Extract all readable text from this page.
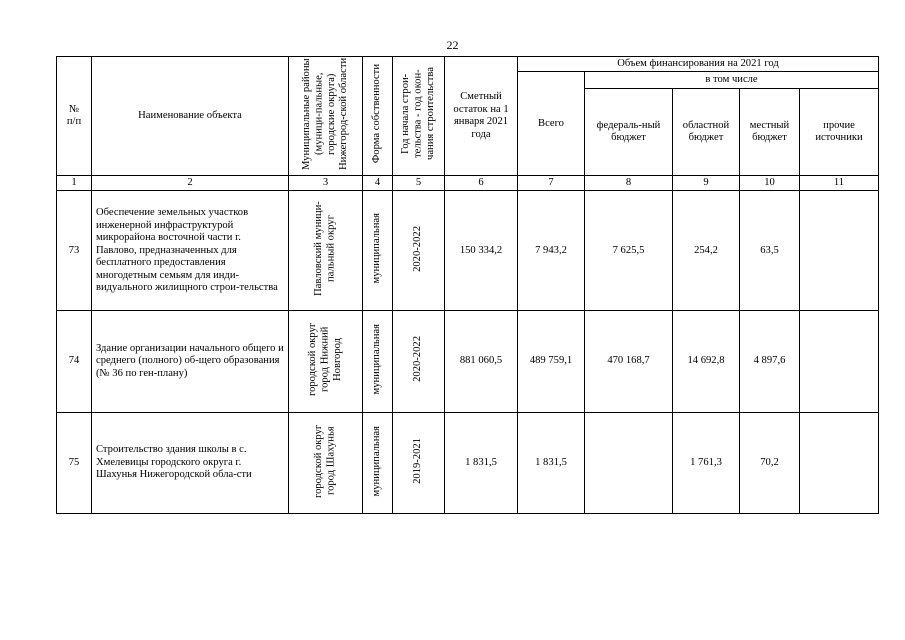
22
№
п/п	Наименование объекта	Муниципальные районы (муници-пальные, городские округа) Нижегород-ской области	Форма собственности	Год начала строи-тельства - год окон-чания строительства	Сметный остаток на 1 января 2021 года	Объем финансирования на 2021 год				
						Всего	в том числе			
							федераль-ный бюджет	областной бюджет	местный бюджет	прочие источники
1	2	3	4	5	6	7	8	9	10	11
73	Обеспечение земельных участков инженерной инфраструктурой микрорайона восточной части г. Павлово, предназначенных для бесплатного предоставления многодетным семьям для инди-видуального жилищного строи-тельства	Павловский муници-пальный округ	муниципальная	2020-2022	150 334,2	7 943,2	7 625,5	254,2	63,5	
74	Здание организации начального общего и среднего (полного) об-щего образования (№ 36 по ген-плану)	городской округ город Нижний Новгород	муниципальная	2020-2022	881 060,5	489 759,1	470 168,7	14 692,8	4 897,6	
75	Строительство здания школы в с. Хмелевицы городского округа г. Шахунья Нижегородской обла-сти	городской округ город Шахунья	муниципальная	2019-2021	1 831,5	1 831,5		1 761,3	70,2	
